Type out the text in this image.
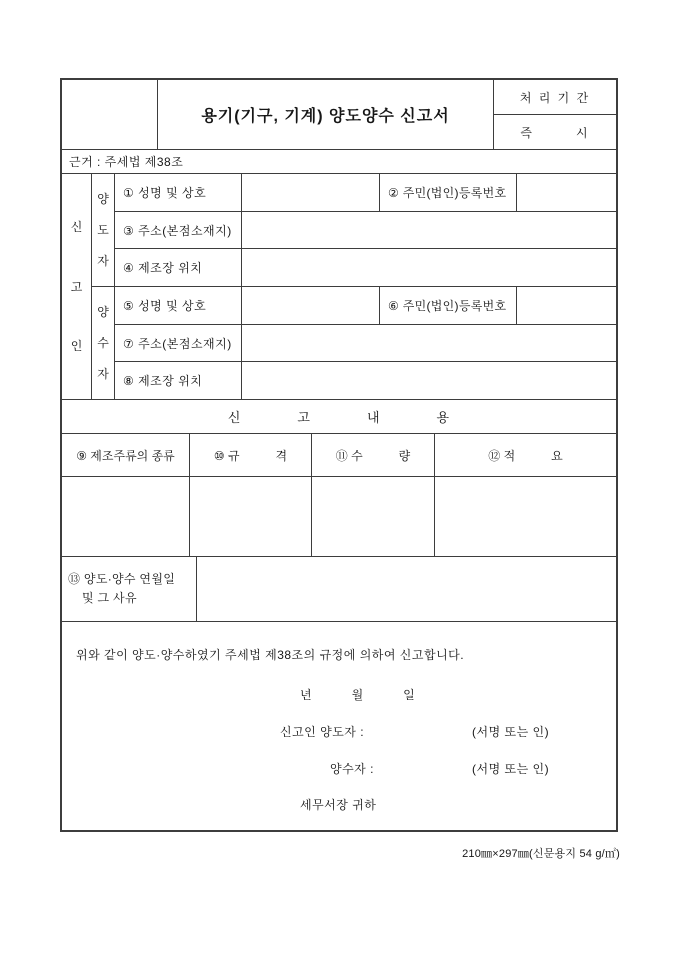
용기(기구, 기계) 양도양수 신고서
처 리 기 간
즉　　　시
근거 : 주세법 제38조
신
고
인
양
도
자
① 성명 및 상호	② 주민(법인)등록번호
③ 주소(본점소재지)
④ 제조장 위치
양
수
자
⑤ 성명 및 상호	⑥ 주민(법인)등록번호
⑦ 주소(본점소재지)
⑧ 제조장 위치
신　　　　고　　　　내　　　　용
⑨ 제조주류의 종류	⑩ 규　　　격	⑪ 수　　　량	⑫ 적　　　요
⑬ 양도·양수 연월일
및 그 사유
위와 같이 양도·양수하였기 주세법 제38조의 규정에 의하여 신고합니다.
년　　　월　　　일
신고인 양도자 :	(서명 또는 인)
양수자 :	(서명 또는 인)
세무서장 귀하
210㎜×297㎜(신문용지 54 g/㎡)
